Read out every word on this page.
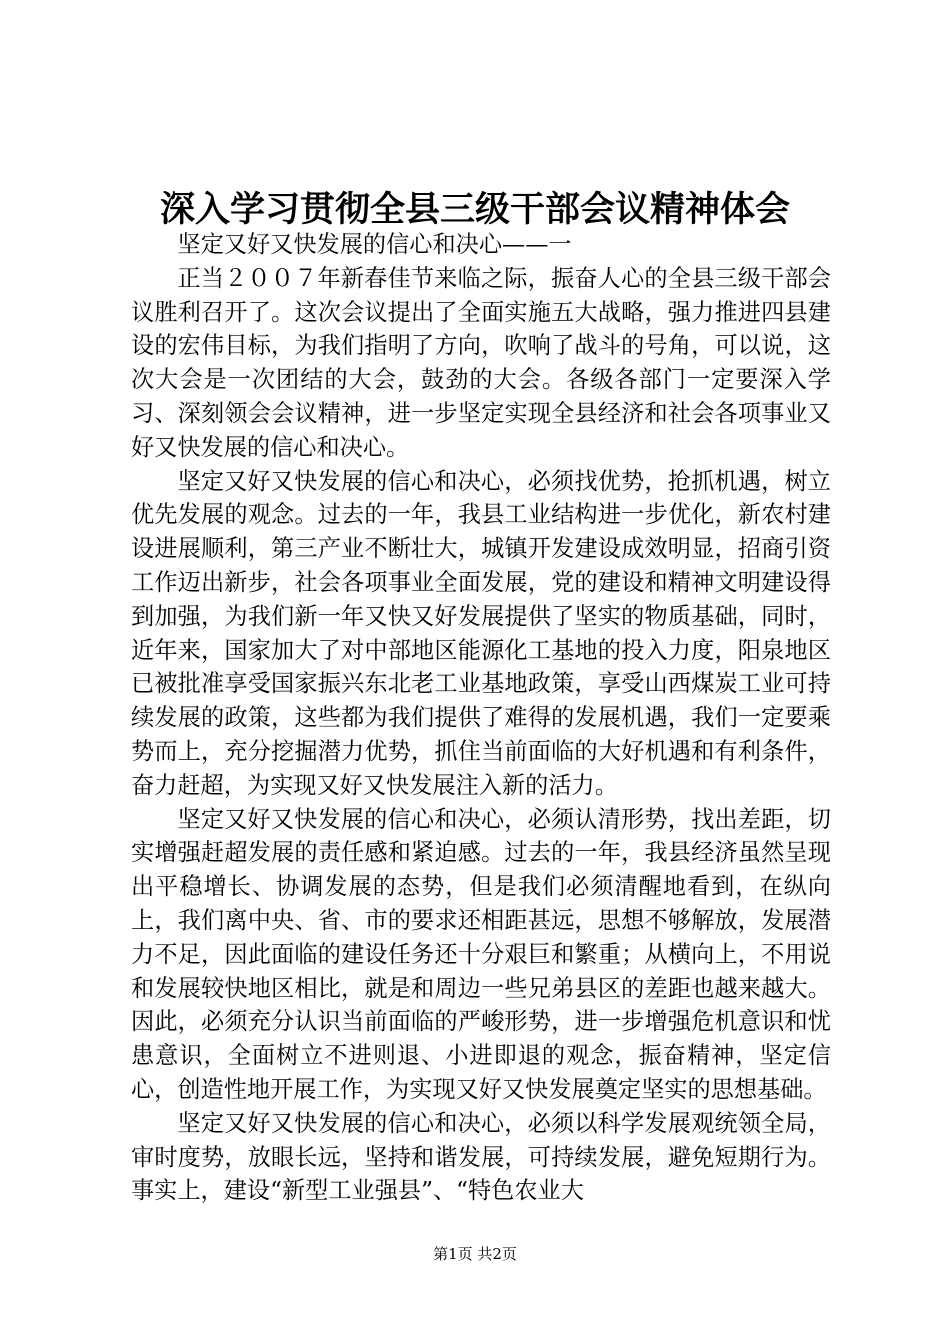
深入学习贯彻全县三级干部会议精神体会

坚定又好又快发展的信心和决心——一

正当２００７年新春佳节来临之际，振奋人心的全县三级干部会议胜利召开了。这次会议提出了全面实施五大战略，强力推进四县建设的宏伟目标，为我们指明了方向，吹响了战斗的号角，可以说，这次大会是一次团结的大会，鼓劲的大会。各级各部门一定要深入学习、深刻领会会议精神，进一步坚定实现全县经济和社会各项事业又好又快发展的信心和决心。

坚定又好又快发展的信心和决心，必须找优势，抢抓机遇，树立优先发展的观念。过去的一年，我县工业结构进一步优化，新农村建设进展顺利，第三产业不断壮大，城镇开发建设成效明显，招商引资工作迈出新步，社会各项事业全面发展，党的建设和精神文明建设得到加强，为我们新一年又快又好发展提供了坚实的物质基础，同时，近年来，国家加大了对中部地区能源化工基地的投入力度，阳泉地区已被批准享受国家振兴东北老工业基地政策，享受山西煤炭工业可持续发展的政策，这些都为我们提供了难得的发展机遇，我们一定要乘势而上，充分挖掘潜力优势，抓住当前面临的大好机遇和有利条件，奋力赶超，为实现又好又快发展注入新的活力。

坚定又好又快发展的信心和决心，必须认清形势，找出差距，切实增强赶超发展的责任感和紧迫感。过去的一年，我县经济虽然呈现出平稳增长、协调发展的态势，但是我们必须清醒地看到，在纵向上，我们离中央、省、市的要求还相距甚远，思想不够解放，发展潜力不足，因此面临的建设任务还十分艰巨和繁重；从横向上，不用说和发展较快地区相比，就是和周边一些兄弟县区的差距也越来越大。因此，必须充分认识当前面临的严峻形势，进一步增强危机意识和忧患意识，全面树立不进则退、小进即退的观念，振奋精神，坚定信心，创造性地开展工作，为实现又好又快发展奠定坚实的思想基础。

坚定又好又快发展的信心和决心，必须以科学发展观统领全局，审时度势，放眼长远，坚持和谐发展，可持续发展，避免短期行为。事实上，建设“新型工业强县”、“特色农业大

第1页 共2页
